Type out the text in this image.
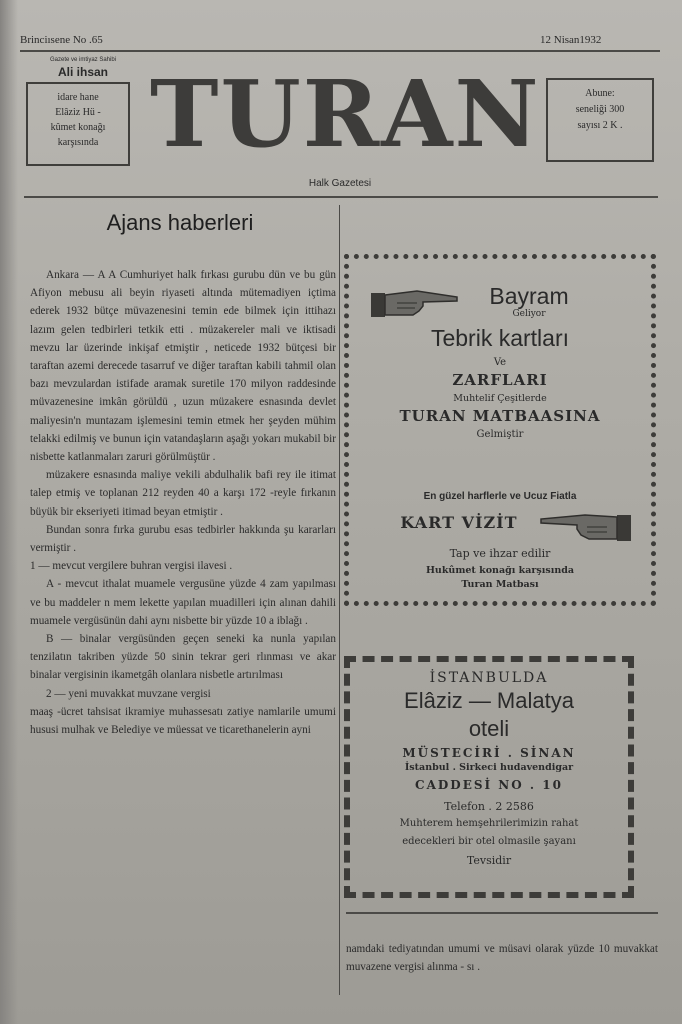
Brinciısene No .65	12 Nisan1932
Gazete ve imtiyaz Sahibi
Ali ihsan
idare hane
Elâziz Hü -
kûmet konağı
karşısında TURAN	Abune:
seneliği 300
sayısı 2 K .
Halk Gazetesi
Ajans haberleri

Ankara — A A Cumhuriyet halk fırkası gurubu dün ve bu gün Afiyon mebusu ali beyin riyaseti altında mütemadiyen içtima ederek 1932 bütçe müvazenesini temin ede bilmek için ittihazı lazım gelen tedbirleri tetkik etti . müzakereler mali ve iktisadi mevzu lar üzerinde inkişaf etmiştir , neticede 1932 bütçesi bir taraftan azemi derecede tasarruf ve diğer taraftan kabili tahmil olan bazı mevzulardan istifade aramak suretile 170 milyon raddesinde müvazenesine imkân görüldü , uzun müzakere esnasında devlet maliyesin'n muntazam işlemesini temin etmek her şeyden mühim telakki edilmiş ve bunun için vatandaşların aşağı yokarı mukabil bir nisbette katlanmaları zaruri görülmüştür .

müzakere esnasında maliye vekili abdulhalik bafi rey ile itimat talep etmiş ve toplanan 212 reyden 40 a karşı 172 -reyle fırkanın büyük bir ekseriyeti itimad beyan etmiştir .

Bundan sonra fırka gurubu esas tedbirler hakkında şu kararları vermiştir .

1 — mevcut vergilere buhran vergisi ilavesi .

A - mevcut ithalat muamele vergusüne yüzde 4 zam yapılması ve bu maddeler n mem lekette yapılan muadilleri için alınan dahili muamele vergüsünün dahi aynı nisbette bir yüzde 10 a iblağı .

B — binalar vergüsünden geçen seneki ka nunla yapılan tenzilatın takriben yüzde 50 sinin tekrar geri rlınması ve akar binalar vergisinin ikametgâh olanlara nisbetle artırılması

2 — yeni muvakkat muvzane vergisi

maaş -ücret tahsisat ikramiye muhassesatı zatiye namlarile umumi hususi mulhak ve Belediye ve müessat ve ticarethanelerin ayni

Bayram
Geliyor
Tebrik kartları
Ve
ZARFLARI
Muhtelif Çeşitlerde
TURAN MATBAASINA
Gelmiştir
En güzel harflerle ve Ucuz Fiatla
KART VİZİT
Tap ve ihzar edilir
Hukûmet konağı karşısında
Turan Matbası
İSTANBULDA
Elâziz — Malatya
oteli
MÜSTECİRİ . SİNAN
İstanbul . Sirkeci hudavendigar
CADDESİ NO . 10
Telefon . 2 2586
Muhterem hemşehrilerimizin rahat
edecekleri bir otel olmasile şayanı
Tevsidir

namdaki tediyatından umumi ve müsavi olarak yüzde 10 muvakkat muvazene vergisi alınma - sı .
